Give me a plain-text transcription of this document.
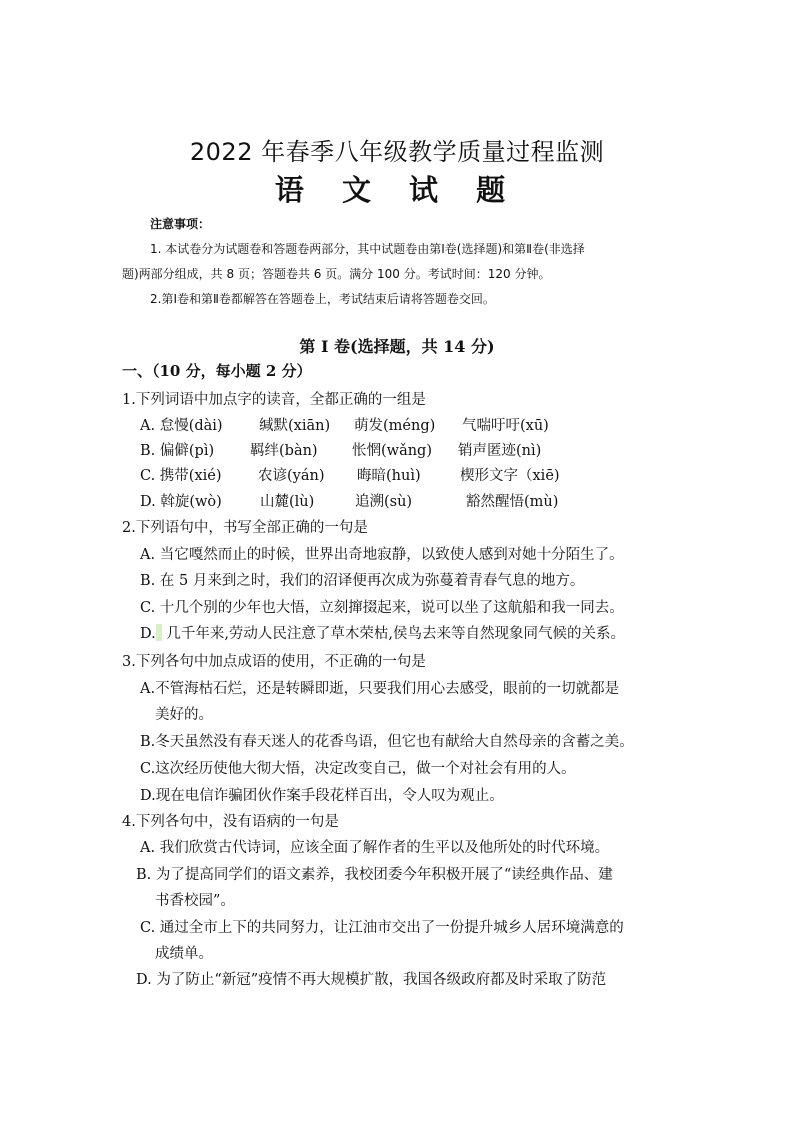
2022 年春季八年级教学质量过程监测
语 文 试 题
注意事项：
1. 本试卷分为试题卷和答题卷两部分，其中试题卷由第Ⅰ卷(选择题)和第Ⅱ卷(非选择
题)两部分组成，共 8 页；答题卷共 6 页。满分 100 分。考试时间：120 分钟。
2.第Ⅰ卷和第Ⅱ卷都解答在答题卷上，考试结束后请将答题卷交回。
第 Ⅰ 卷(选择题，共 14 分)
一、（10 分，每小题 2 分）
1.下列词语中加点字的读音，全都正确的一组是
A. 怠慢(dài)	缄默(xiān) 萌发(méng) 气喘吁吁(xū)
B. 偏僻(pì) 羁绊(bàn) 怅惘(wǎng) 销声匿迹(nì)
C. 携带(xié)	农谚(yán) 晦暗(huì)	楔形文字（xiē)
D. 斡旋(wò)	山麓(lù)	追溯(sù)	豁然醒悟(mù)
2.下列语句中，书写全部正确的一句是
A. 当它嘎然而止的时候，世界出奇地寂静，以致使人感到对她十分陌生了。
B. 在 5 月来到之时，我们的沼译便再次成为弥蔓着青春气息的地方。
C. 十几个别的少年也大悟，立刻撺掇起来，说可以坐了这航船和我一同去。
D. 几千年来,劳动人民注意了草木荣枯,侯鸟去来等自然现象同气候的关系。
3.下列各句中加点成语的使用，不正确的一句是
A.不管海枯石烂，还是转瞬即逝，只要我们用心去感受，眼前的一切就都是
美好的。
B.冬天虽然没有春天迷人的花香鸟语，但它也有献给大自然母亲的含蓄之美。
C.这次经历使他大彻大悟，决定改变自己，做一个对社会有用的人。
D.现在电信诈骗团伙作案手段花样百出，令人叹为观止。
4.下列各句中，没有语病的一句是
A. 我们欣赏古代诗词，应该全面了解作者的生平以及他所处的时代环境。
B. 为了提高同学们的语文素养，我校团委今年积极开展了“读经典作品、建
书香校园”。
C. 通过全市上下的共同努力，让江油市交出了一份提升城乡人居环境满意的
成绩单。
D. 为了防止“新冠”疫情不再大规模扩散，我国各级政府都及时采取了防范
